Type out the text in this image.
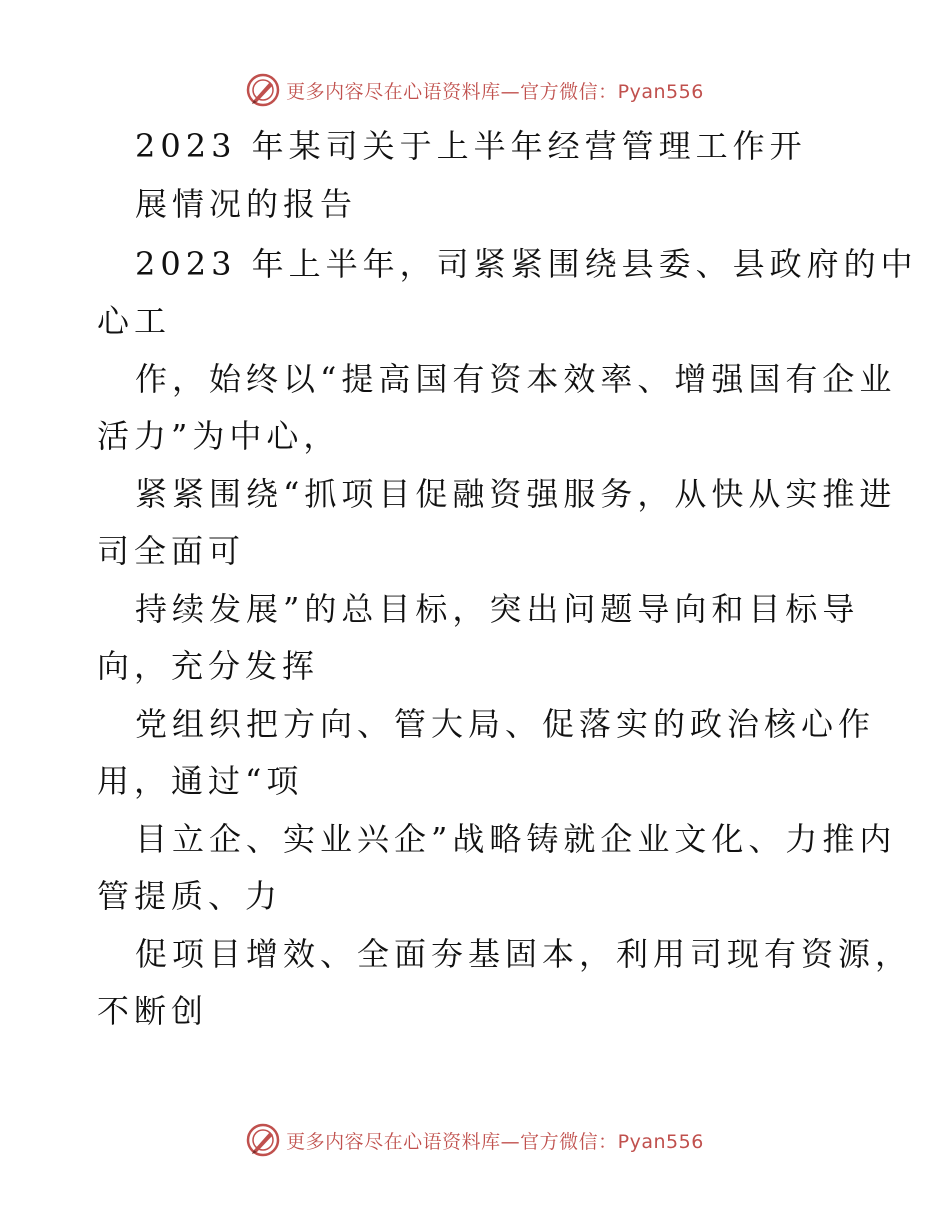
更多内容尽在心语资料库—官方微信：Pyan556
2023 年某司关于上半年经营管理工作开
展情况的报告
2023 年上半年，司紧紧围绕县委、县政府的中
心工
作，始终以“提高国有资本效率、增强国有企业
活力”为中心，
紧紧围绕“抓项目促融资强服务，从快从实推进
司全面可
持续发展”的总目标，突出问题导向和目标导
向，充分发挥
党组织把方向、管大局、促落实的政治核心作
用，通过“项
目立企、实业兴企”战略铸就企业文化、力推内
管提质、力
促项目增效、全面夯基固本，利用司现有资源，
不断创
更多内容尽在心语资料库—官方微信：Pyan556
